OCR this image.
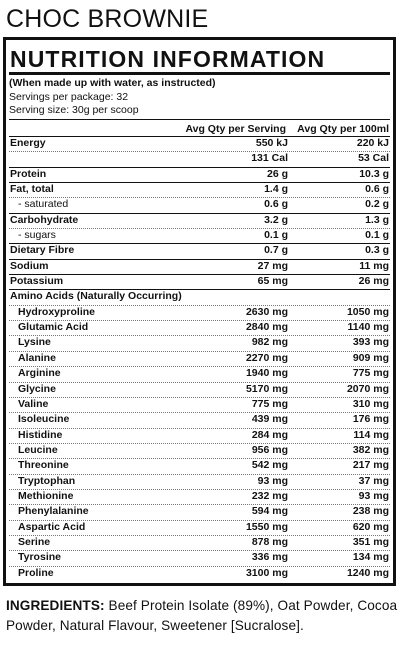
CHOC BROWNIE
NUTRITION INFORMATION
(When made up with water, as instructed)
Servings per package: 32
Serving size: 30g per scoop
Avg Qty per Serving Avg Qty per 100ml
Energy	550 kJ	220 kJ
131 Cal	53 Cal
Protein	26 g	10.3 g
Fat, total	1.4 g	0.6 g
- saturated	0.6 g	0.2 g
Carbohydrate	3.2 g	1.3 g
- sugars	0.1 g	0.1 g
Dietary Fibre	0.7 g	0.3 g
Sodium	27 mg	11 mg
Potassium	65 mg	26 mg
Amino Acids (Naturally Occurring)
Hydroxyproline	2630 mg	1050 mg
Glutamic Acid	2840 mg	1140 mg
Lysine	982 mg	393 mg
Alanine	2270 mg	909 mg
Arginine	1940 mg	775 mg
Glycine	5170 mg	2070 mg
Valine	775 mg	310 mg
Isoleucine	439 mg	176 mg
Histidine	284 mg	114 mg
Leucine	956 mg	382 mg
Threonine	542 mg	217 mg
Tryptophan	93 mg	37 mg
Methionine	232 mg	93 mg
Phenylalanine	594 mg	238 mg
Aspartic Acid	1550 mg	620 mg
Serine	878 mg	351 mg
Tyrosine	336 mg	134 mg
Proline	3100 mg	1240 mg
INGREDIENTS: Beef Protein Isolate (89%), Oat Powder, Cocoa Powder, Natural Flavour, Sweetener [Sucralose].
